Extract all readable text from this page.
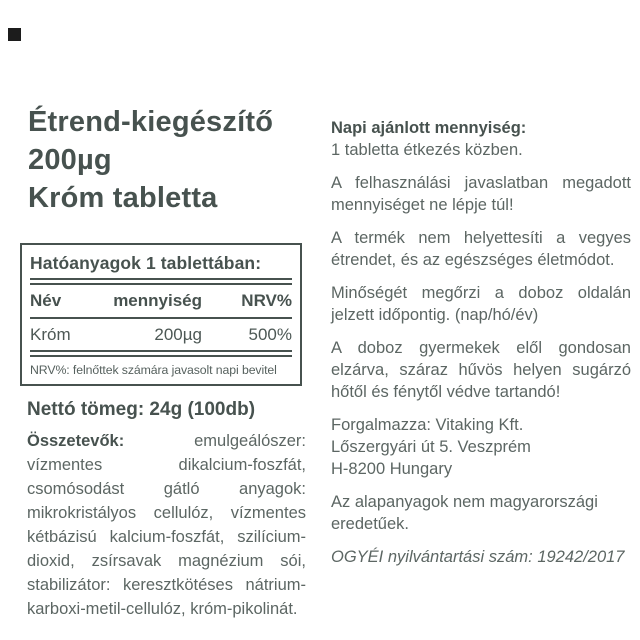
Étrend-kiegészítő
200µg
Króm tabletta
Hatóanyagok 1 tablettában:
Név	mennyiség	NRV%
Króm	200µg	500%
NRV%: felnőttek számára javasolt napi bevitel
Nettó tömeg: 24g (100db)

Összetevők:	emulgeálószer: vízmentes dikalcium-foszfát, csomósodást gátló anyagok: mikrokristályos cellulóz, vízmentes kétbázisú kalcium-foszfát, szilícium-dioxid, zsírsavak magnézium sói, stabilizátor: keresztkötéses nátrium-karboxi-metil-cellulóz, króm-pikolinát.

Napi ajánlott mennyiség:
1 tabletta étkezés közben.

A felhasználási javaslatban megadott mennyiséget ne lépje túl!

A termék nem helyettesíti a vegyes étrendet, és az egészséges életmódot.

Minőségét megőrzi a doboz oldalán jelzett időpontig. (nap/hó/év)

A doboz gyermekek elől gondosan elzárva, száraz hűvös helyen sugárzó hőtől és fénytől védve tartandó!

Forgalmazza: Vitaking Kft.
Lőszergyári út 5. Veszprém
H-8200 Hungary

Az alapanyagok nem magyarországi eredetűek.

OGYÉI nyilvántartási szám: 19242/2017
